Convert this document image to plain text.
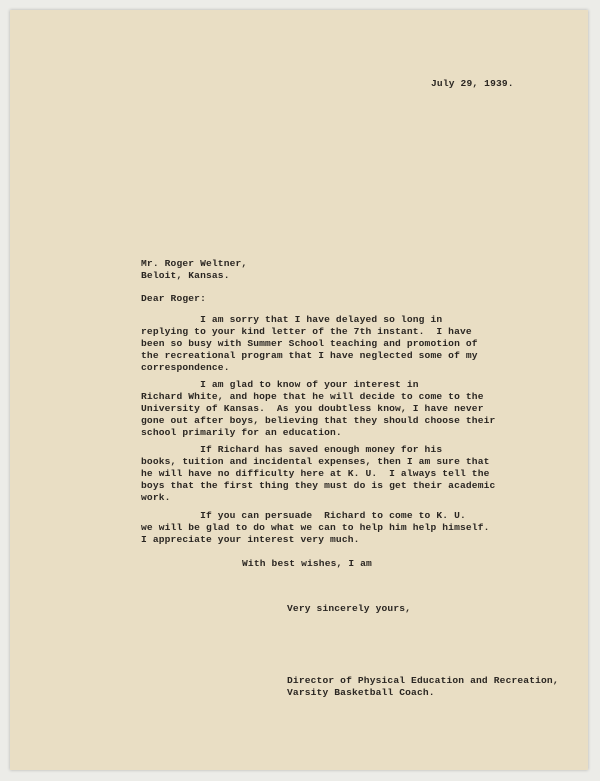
July 29, 1939.
Mr. Roger Weltner,
Beloit, Kansas.
Dear Roger:
I am sorry that I have delayed so long in
replying to your kind letter of the 7th instant.  I have
been so busy with Summer School teaching and promotion of
the recreational program that I have neglected some of my
correspondence.
I am glad to know of your interest in
Richard White, and hope that he will decide to come to the
University of Kansas.  As you doubtless know, I have never
gone out after boys, believing that they should choose their
school primarily for an education.
If Richard has saved enough money for his
books, tuition and incidental expenses, then I am sure that
he will have no difficulty here at K. U.  I always tell the
boys that the first thing they must do is get their academic
work.
If you can persuade  Richard to come to K. U.
we will be glad to do what we can to help him help himself.
I appreciate your interest very much.
With best wishes, I am
Very sincerely yours,
Director of Physical Education and Recreation,
Varsity Basketball Coach.
